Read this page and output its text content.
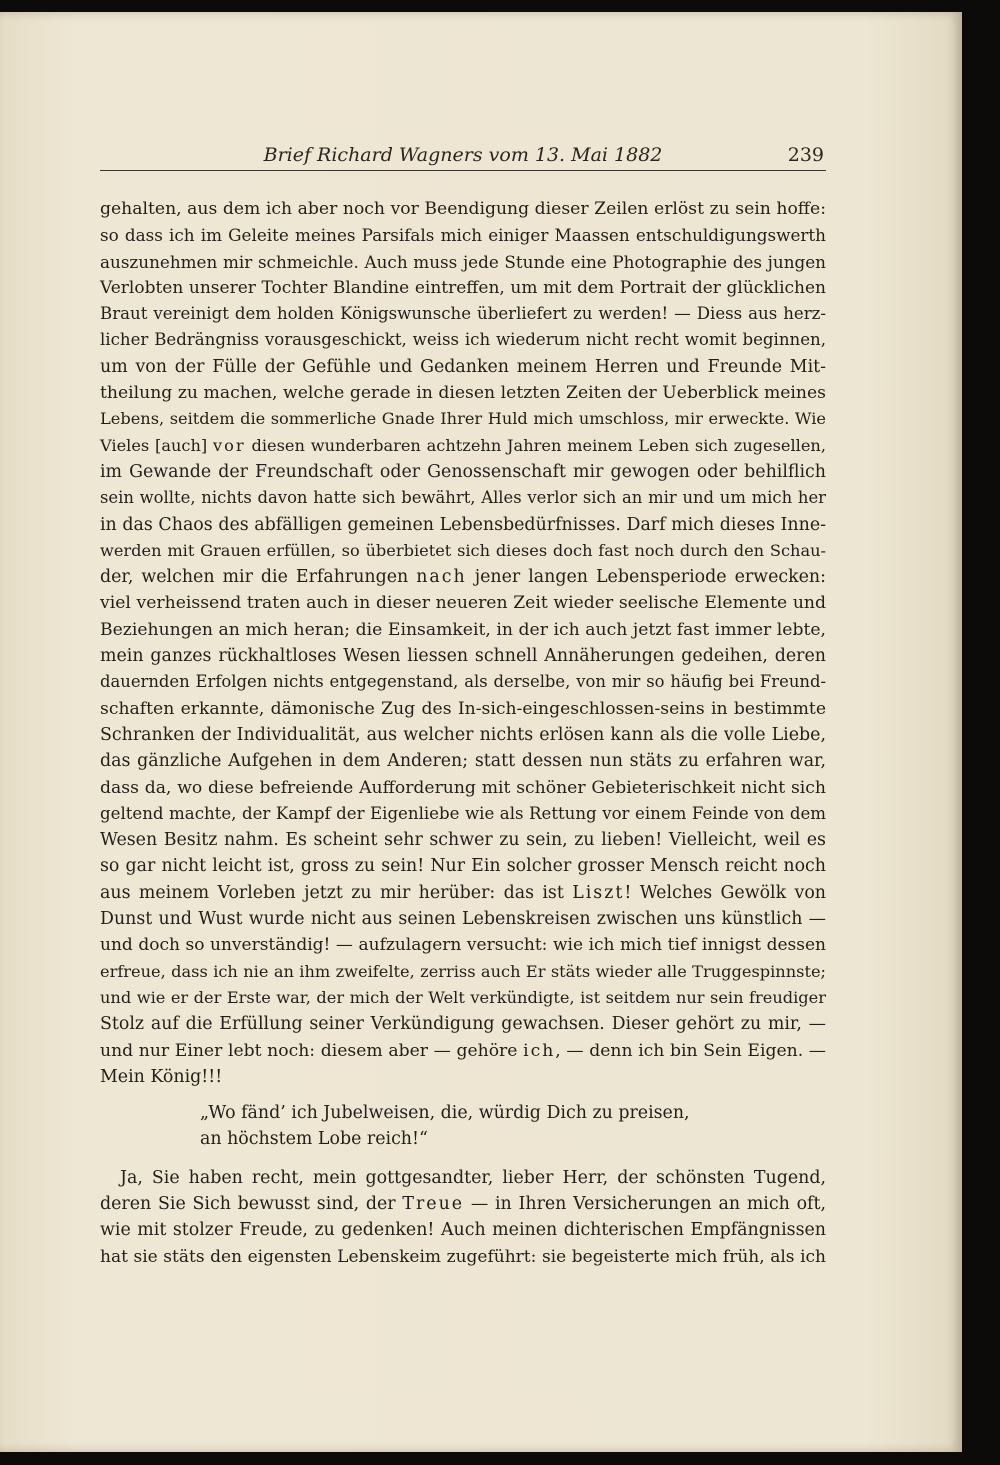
Brief Richard Wagners vom 13. Mai 1882	239
gehalten, aus dem ich aber noch vor Beendigung dieser Zeilen erlöst zu sein hoffe:
so dass ich im Geleite meines Parsifals mich einiger Maassen entschuldigungswerth
auszunehmen mir schmeichle. Auch muss jede Stunde eine Photographie des jungen
Verlobten unserer Tochter Blandine eintreffen, um mit dem Portrait der glücklichen
Braut vereinigt dem holden Königswunsche überliefert zu werden! — Diess aus herz-
licher Bedrängniss vorausgeschickt, weiss ich wiederum nicht recht womit beginnen,
um von der Fülle der Gefühle und Gedanken meinem Herren und Freunde Mit-
theilung zu machen, welche gerade in diesen letzten Zeiten der Ueberblick meines
Lebens, seitdem die sommerliche Gnade Ihrer Huld mich umschloss, mir erweckte. Wie
Vieles [auch] vor diesen wunderbaren achtzehn Jahren meinem Leben sich zugesellen,
im Gewande der Freundschaft oder Genossenschaft mir gewogen oder behilflich
sein wollte, nichts davon hatte sich bewährt, Alles verlor sich an mir und um mich her
in das Chaos des abfälligen gemeinen Lebensbedürfnisses. Darf mich dieses Inne-
werden mit Grauen erfüllen, so überbietet sich dieses doch fast noch durch den Schau-
der, welchen mir die Erfahrungen nach jener langen Lebensperiode erwecken:
viel verheissend traten auch in dieser neueren Zeit wieder seelische Elemente und
Beziehungen an mich heran; die Einsamkeit, in der ich auch jetzt fast immer lebte,
mein ganzes rückhaltloses Wesen liessen schnell Annäherungen gedeihen, deren
dauernden Erfolgen nichts entgegenstand, als derselbe, von mir so häufig bei Freund-
schaften erkannte, dämonische Zug des In-sich-eingeschlossen-seins in bestimmte
Schranken der Individualität, aus welcher nichts erlösen kann als die volle Liebe,
das gänzliche Aufgehen in dem Anderen; statt dessen nun stäts zu erfahren war,
dass da, wo diese befreiende Aufforderung mit schöner Gebieterischkeit nicht sich
geltend machte, der Kampf der Eigenliebe wie als Rettung vor einem Feinde von dem
Wesen Besitz nahm. Es scheint sehr schwer zu sein, zu lieben! Vielleicht, weil es
so gar nicht leicht ist, gross zu sein! Nur Ein solcher grosser Mensch reicht noch
aus meinem Vorleben jetzt zu mir herüber: das ist Liszt! Welches Gewölk von
Dunst und Wust wurde nicht aus seinen Lebenskreisen zwischen uns künstlich —
und doch so unverständig! — aufzulagern versucht: wie ich mich tief innigst dessen
erfreue, dass ich nie an ihm zweifelte, zerriss auch Er stäts wieder alle Truggespinnste;
und wie er der Erste war, der mich der Welt verkündigte, ist seitdem nur sein freudiger
Stolz auf die Erfüllung seiner Verkündigung gewachsen. Dieser gehört zu mir, —
und nur Einer lebt noch: diesem aber — gehöre ich, — denn ich bin Sein Eigen. —
Mein König!!!
„Wo fänd’ ich Jubelweisen, die, würdig Dich zu preisen,
an höchstem Lobe reich!“
Ja, Sie haben recht, mein gottgesandter, lieber Herr, der schönsten Tugend,
deren Sie Sich bewusst sind, der Treue — in Ihren Versicherungen an mich oft,
wie mit stolzer Freude, zu gedenken! Auch meinen dichterischen Empfängnissen
hat sie stäts den eigensten Lebenskeim zugeführt: sie begeisterte mich früh, als ich
